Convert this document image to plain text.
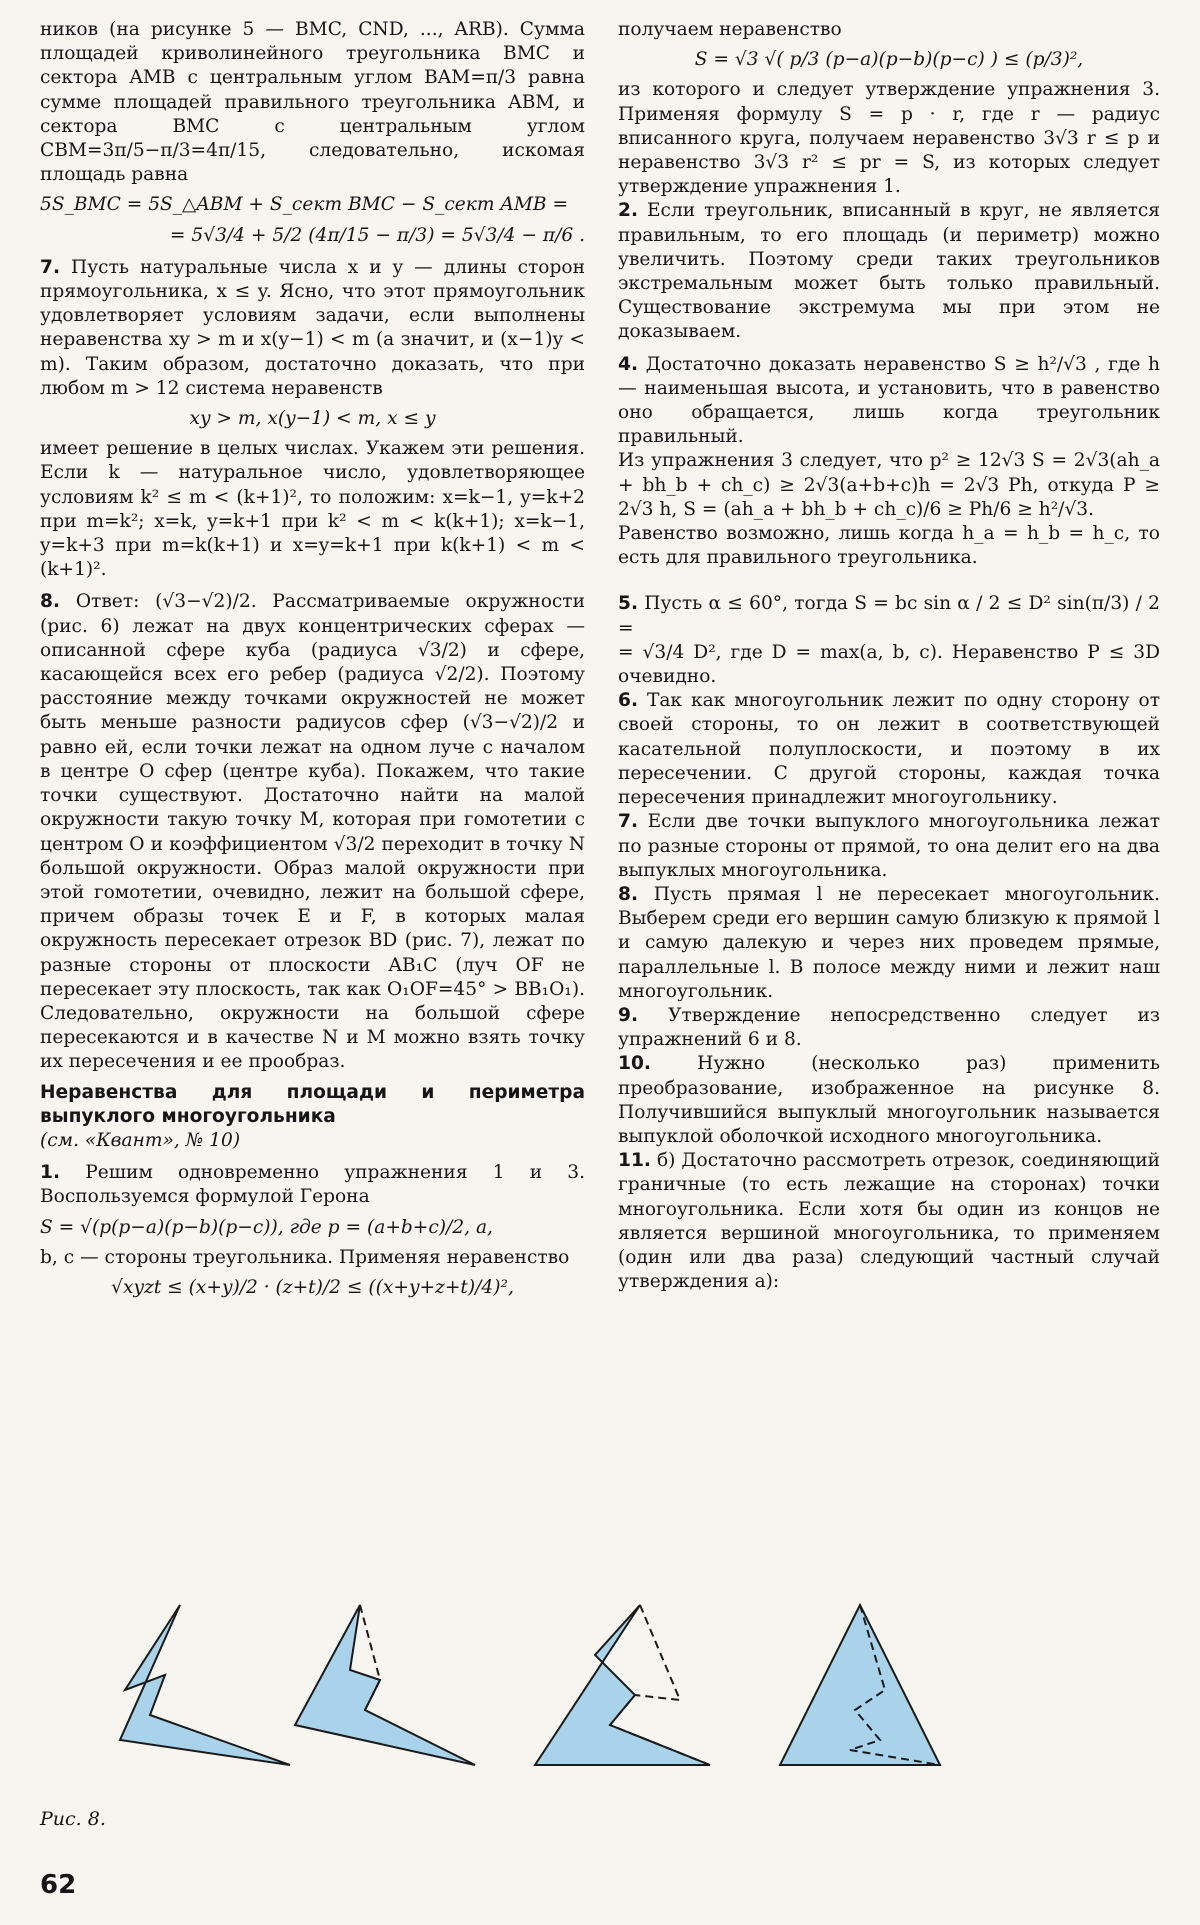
ников (на рисунке 5 — BMC, CND, ..., ARB). Сумма площадей криволинейного треугольника BMC и сектора AMB с центральным углом BAM=π/3 равна сумме площадей правильного треугольника ABM, и сектора BMC с центральным углом CBM=3π/5−π/3=4π/15, следовательно, искомая площадь равна

5S_BMC = 5S_△ABM + S_сект BMC − S_сект AMB =
= 5√3/4 + 5/2 (4π/15 − π/3) = 5√3/4 − π/6 .

7. Пусть натуральные числа x и y — длины сторон прямоугольника, x ≤ y. Ясно, что этот прямоугольник удовлетворяет условиям задачи, если выполнены неравенства xy > m и x(y−1) < m (а значит, и (x−1)y < m). Таким образом, достаточно доказать, что при любом m > 12 система неравенств

xy > m, x(y−1) < m, x ≤ y

имеет решение в целых числах. Укажем эти решения. Если k — натуральное число, удовлетворяющее условиям k² ≤ m < (k+1)², то положим: x=k−1, y=k+2 при m=k²; x=k, y=k+1 при k² < m < k(k+1); x=k−1, y=k+3 при m=k(k+1) и x=y=k+1 при k(k+1) < m < (k+1)².

8. Ответ: (√3−√2)/2. Рассматриваемые окружности (рис. 6) лежат на двух концентрических сферах — описанной сфере куба (радиуса √3/2) и сфере, касающейся всех его ребер (радиуса √2/2). Поэтому расстояние между точками окружностей не может быть меньше разности радиусов сфер (√3−√2)/2 и равно ей, если точки лежат на одном луче с началом в центре O сфер (центре куба). Покажем, что такие точки существуют. Достаточно найти на малой окружности такую точку M, которая при гомотетии с центром O и коэффициентом √3/2 переходит в точку N большой окружности. Образ малой окружности при этой гомотетии, очевидно, лежит на большой сфере, причем образы точек E и F, в которых малая окружность пересекает отрезок BD (рис. 7), лежат по разные стороны от плоскости AB₁C (луч OF не пересекает эту плоскость, так как O₁OF=45° > BB₁O₁). Следовательно, окружности на большой сфере пересекаются и в качестве N и M можно взять точку их пересечения и ее прообраз.

Неравенства для площади и периметра выпуклого многоугольника
(см. «Квант», № 10)

1. Решим одновременно упражнения 1 и 3. Воспользуемся формулой Герона

S = √(p(p−a)(p−b)(p−c)), где p = (a+b+c)/2, a,

b, c — стороны треугольника. Применяя неравенство

√xyzt ≤ (x+y)/2 · (z+t)/2 ≤ ((x+y+z+t)/4)²,

получаем неравенство

S = √3 √( p/3 (p−a)(p−b)(p−c) ) ≤ (p/3)²,

из которого и следует утверждение упражнения 3. Применяя формулу S = p · r, где r — радиус вписанного круга, получаем неравенство 3√3 r ≤ p и неравенство 3√3 r² ≤ pr = S, из которых следует утверждение упражнения 1.

2. Если треугольник, вписанный в круг, не является правильным, то его площадь (и периметр) можно увеличить. Поэтому среди таких треугольников экстремальным может быть только правильный. Существование экстремума мы при этом не доказываем.

4. Достаточно доказать неравенство S ≥ h²/√3 , где h — наименьшая высота, и установить, что в равенство оно обращается, лишь когда треугольник правильный.

Из упражнения 3 следует, что p² ≥ 12√3 S = 2√3(ah_a + bh_b + ch_c) ≥ 2√3(a+b+c)h = 2√3 Ph, откуда P ≥ 2√3 h, S = (ah_a + bh_b + ch_c)/6 ≥ Ph/6 ≥ h²/√3.

Равенство возможно, лишь когда h_a = h_b = h_c, то есть для правильного треугольника.

5. Пусть α ≤ 60°, тогда S = bc sin α / 2 ≤ D² sin(π/3) / 2 =

= √3/4 D², где D = max(a, b, c). Неравенство P ≤ 3D очевидно.

6. Так как многоугольник лежит по одну сторону от своей стороны, то он лежит в соответствующей касательной полуплоскости, и поэтому в их пересечении. С другой стороны, каждая точка пересечения принадлежит многоугольнику.

7. Если две точки выпуклого многоугольника лежат по разные стороны от прямой, то она делит его на два выпуклых многоугольника.

8. Пусть прямая l не пересекает многоугольник. Выберем среди его вершин самую близкую к прямой l и самую далекую и через них проведем прямые, параллельные l. В полосе между ними и лежит наш многоугольник.

9. Утверждение непосредственно следует из упражнений 6 и 8.

10. Нужно (несколько раз) применить преобразование, изображенное на рисунке 8. Получившийся выпуклый многоугольник называется выпуклой оболочкой исходного многоугольника.

11. б) Достаточно рассмотреть отрезок, соединяющий граничные (то есть лежащие на сторонах) точки многоугольника. Если хотя бы один из концов не является вершиной многоугольника, то применяем (один или два раза) следующий частный случай утверждения а):

Рис. 8.
62
